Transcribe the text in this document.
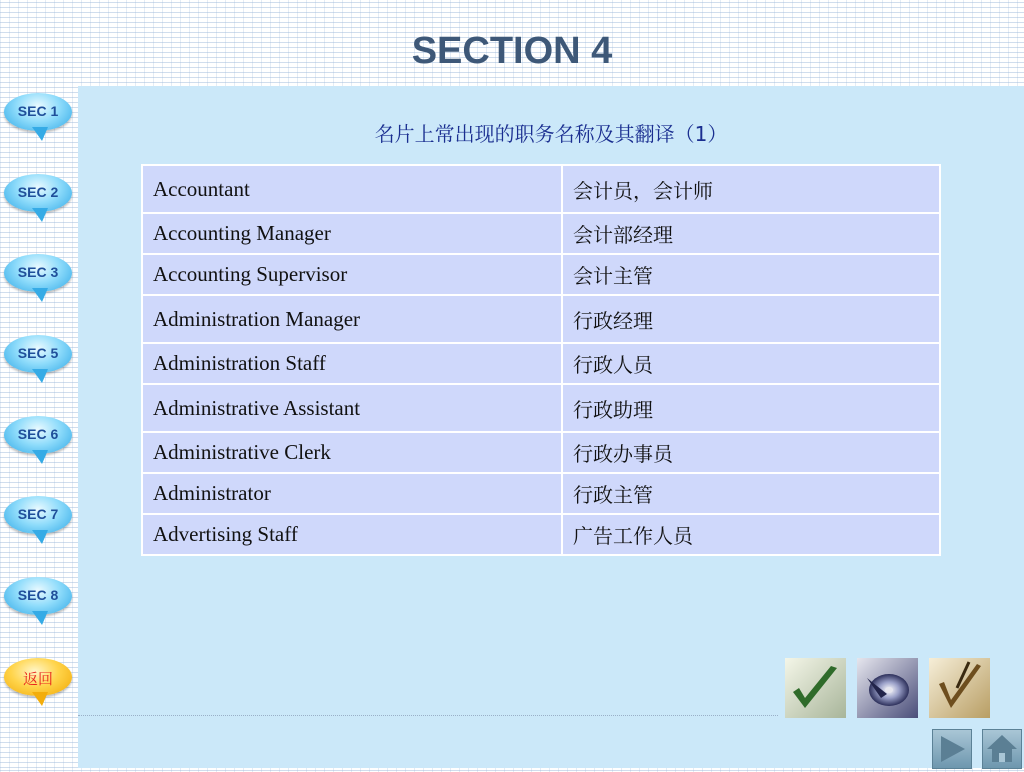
SECTION 4
名片上常出现的职务名称及其翻译（1）
Accountant	会计员，会计师
Accounting Manager	会计部经理
Accounting Supervisor	会计主管
Administration Manager	行政经理
Administration Staff	行政人员
Administrative Assistant	行政助理
Administrative Clerk	行政办事员
Administrator	行政主管
Advertising Staff	广告工作人员
SEC 1
SEC 2
SEC 3
SEC 5
SEC 6
SEC 7
SEC 8
返回
